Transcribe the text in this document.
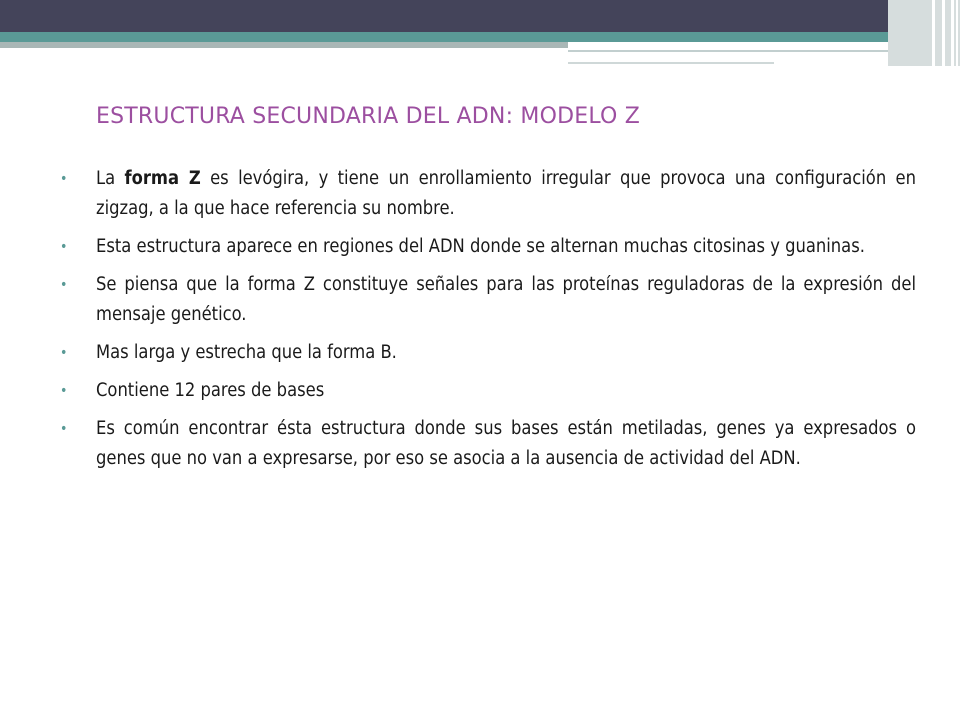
ESTRUCTURA SECUNDARIA DEL ADN: MODELO Z
•	La forma Z es levógira, y tiene un enrollamiento irregular que provoca una configuración en zigzag, a la que hace referencia su nombre.
•	Esta estructura aparece en regiones del ADN donde se alternan muchas citosinas y guaninas.
•	Se piensa que la forma Z constituye señales para las proteínas reguladoras de la expresión del mensaje genético.
•	Mas larga y estrecha que la forma B.
•	Contiene 12 pares de bases
•	Es común encontrar ésta estructura donde sus bases están metiladas, genes ya expresados o genes que no van a expresarse, por eso se asocia a la ausencia de actividad del ADN.
